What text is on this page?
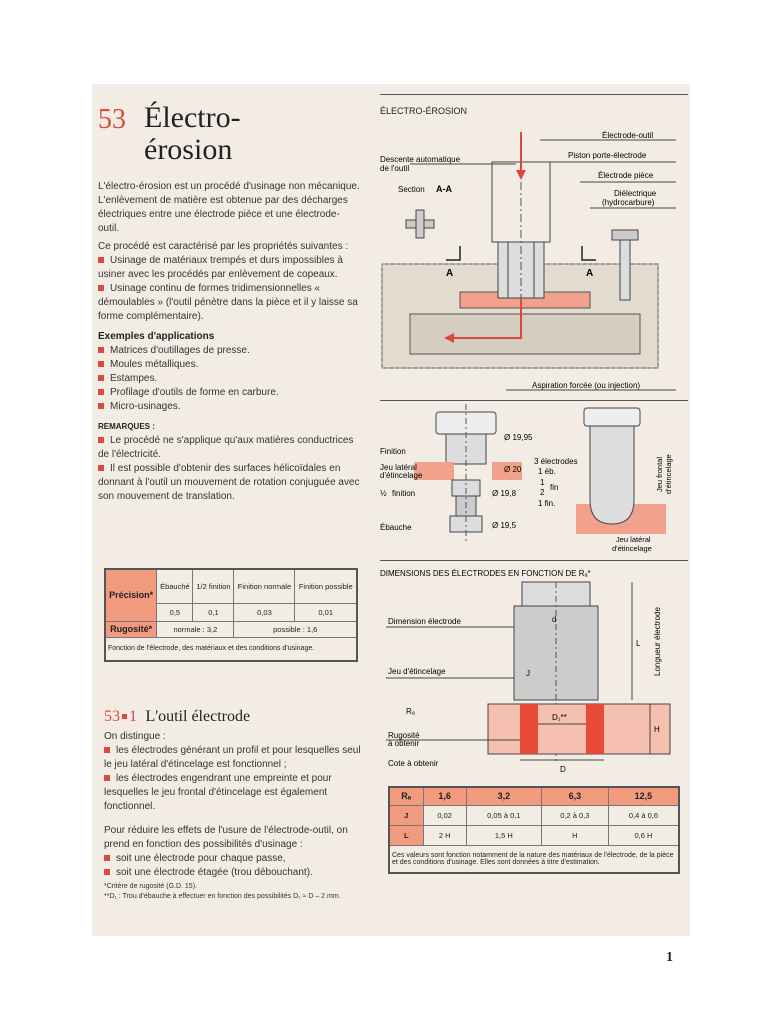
53 Électro-
érosion

L'électro-érosion est un procédé d'usinage non mécanique. L'enlèvement de matière est obtenue par des décharges électriques entre une électrode pièce et une électrode-outil.

Ce procédé est caractérisé par les propriétés suivantes :

Usinage de matériaux trempés et durs impossibles à usiner avec les procédés par enlèvement de copeaux.

Usinage continu de formes tridimensionnelles « démoulables » (l'outil pénètre dans la pièce et il y laisse sa forme complémentaire).

Exemples d'applications

Matrices d'outillages de presse.

Moules métalliques.

Estampes.

Profilage d'outils de forme en carbure.

Micro-usinages.

REMARQUES :

Le procédé ne s'applique qu'aux matières conductrices de l'électricité.

Il est possible d'obtenir des surfaces hélicoïdales en donnant à l'outil un mouvement de rotation conjuguée avec son mouvement de translation.

Précision*	Ébauché	1/2 finition	Finition normale	Finition possible
	0,5	0,1	0,03	0,01
Rugosité*	normale : 3,2		possible : 1,6	
Fonction de l'électrode, des matériaux et des conditions d'usinage.				
53 1 L'outil électrode

On distingue :

les électrodes générant un profil et pour lesquelles seul le jeu latéral d'étincelage est fonctionnel ;

les électrodes engendrant une empreinte et pour lesquelles le jeu frontal d'étincelage est également fonctionnel.

Pour réduire les effets de l'usure de l'électrode-outil, on prend en fonction des possibilités d'usinage :

soit une électrode pour chaque passe,

soit une électrode étagée (trou débouchant).

*Critère de rugosité (G.D. 15).

**D₁ : Trou d'ébauche à effectuer en fonction des possibilités D₁ ≈ D – 2 mm.

ÉLECTRO-ÉROSION
A	A
Électrode-outil
Descente automatique
de l'outil
Piston porte-électrode
Électrode pièce
Section A-A	Diélectrique
(hydrocarbure)
Aspiration forcée (ou injection)
Finition
Ø 19,95
Jeu latéral
d'étincelage
Ø 20
3 électrodes
1 éb.
1
2
fin
1 fin.
½ finition	Ø 19,8
Ébauche	Ø 19,5
Jeu frontal d'étincelage
Jeu latéral
d'étincelage
DIMENSIONS DES ÉLECTRODES EN FONCTION DE Rₐ*
Dimension électrode	d
L Longueur électrode
Jeu d'étincelage	J
H
Rₐ
Rugosité
à obtenir
D₁**
Cote à obtenir
D
Rₐ	1,6	3,2	6,3	12,5
J	0,02	0,05 à 0,1	0,2 à 0,3	0,4 à 0,6
L	2 H	1,5 H	H	0,6 H
Ces valeurs sont fonction notamment de la nature des matériaux de l'électrode, de la pièce et des conditions d'usinage. Elles sont données à titre d'estimation.				
1
